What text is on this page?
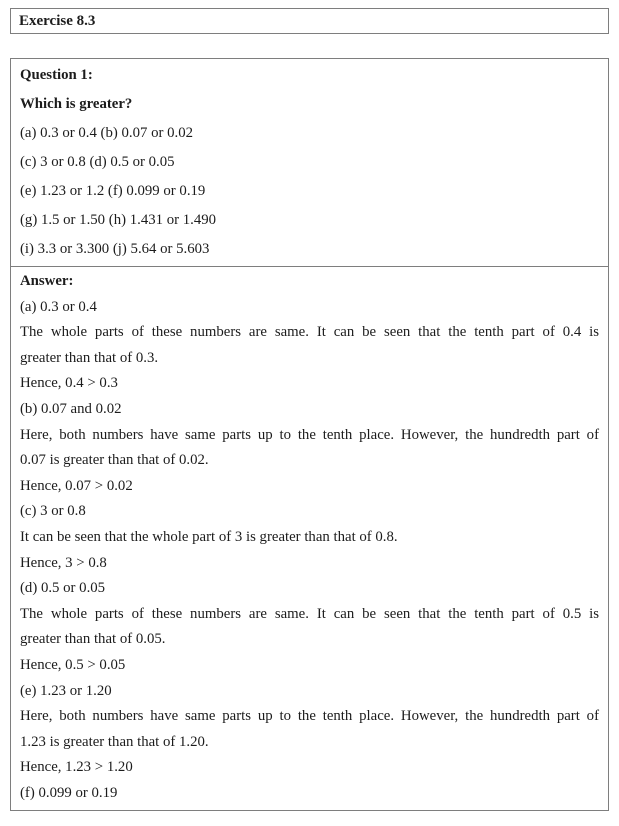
Exercise 8.3
Question 1:
Which is greater?
(a) 0.3 or 0.4 (b) 0.07 or 0.02
(c) 3 or 0.8 (d) 0.5 or 0.05
(e) 1.23 or 1.2 (f) 0.099 or 0.19
(g) 1.5 or 1.50 (h) 1.431 or 1.490
(i) 3.3 or 3.300 (j) 5.64 or 5.603
Answer:
(a) 0.3 or 0.4
The whole parts of these numbers are same. It can be seen that the tenth part of 0.4 is
greater than that of 0.3.
Hence, 0.4 > 0.3
(b) 0.07 and 0.02
Here, both numbers have same parts up to the tenth place. However, the hundredth part of
0.07 is greater than that of 0.02.
Hence, 0.07 > 0.02
(c) 3 or 0.8
It can be seen that the whole part of 3 is greater than that of 0.8.
Hence, 3 > 0.8
(d) 0.5 or 0.05
The whole parts of these numbers are same. It can be seen that the tenth part of 0.5 is
greater than that of 0.05.
Hence, 0.5 > 0.05
(e) 1.23 or 1.20
Here, both numbers have same parts up to the tenth place. However, the hundredth part of
1.23 is greater than that of 1.20.
Hence, 1.23 > 1.20
(f) 0.099 or 0.19
